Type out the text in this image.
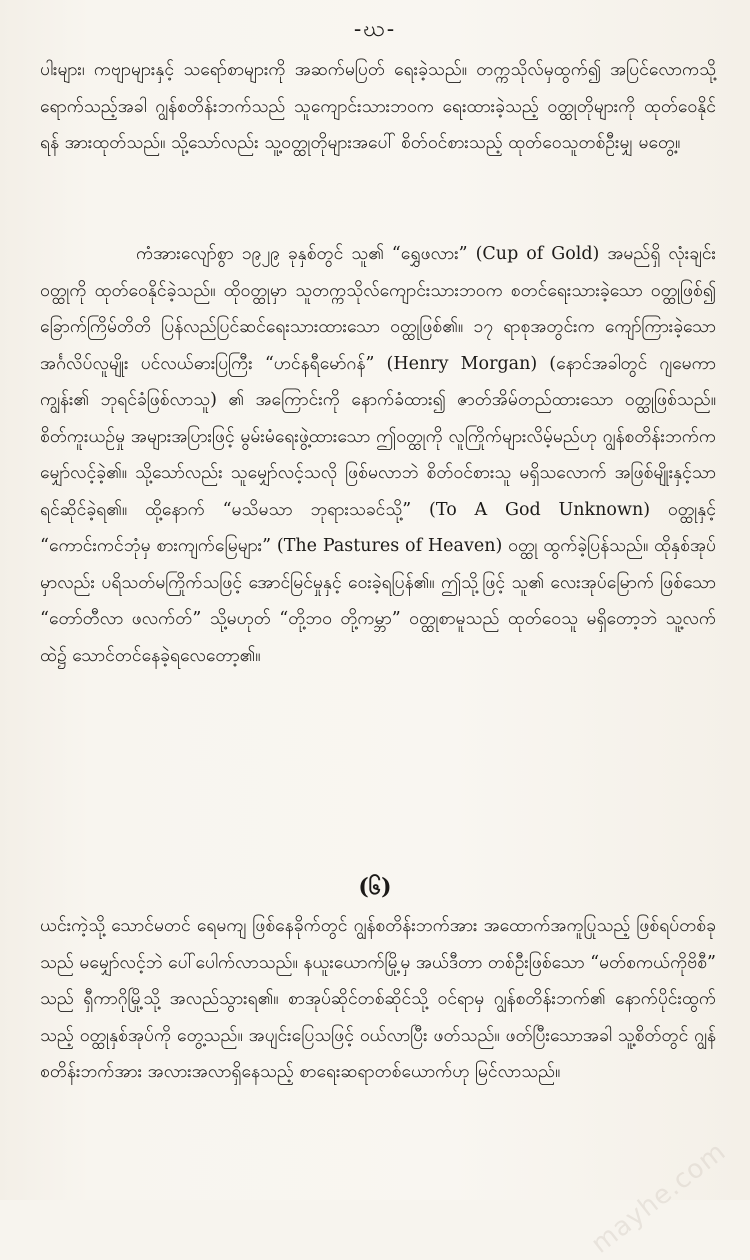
-ဃ-

ပါးများ၊ ကဗျာများနှင့် သရော်စာများကို အဆက်မပြတ် ရေးခဲ့သည်။ တက္ကသိုလ်မှထွက်၍ အပြင်လောကသို့ ရောက်သည့်အခါ ဂျွန်စတိန်းဘက်သည် သူကျောင်းသားဘဝက ရေးထားခဲ့သည့် ဝတ္ထုတိုများကို ထုတ်ဝေနိုင်ရန် အားထုတ်သည်။ သို့သော်လည်း သူ့ဝတ္ထုတိုများအပေါ် စိတ်ဝင်စားသည့် ထုတ်ဝေသူတစ်ဦးမျှ မတွေ့။

ကံအားလျော်စွာ ၁၉၂၉ ခုနှစ်တွင် သူ၏ “ရွှေဖလား” (Cup of Gold) အမည်ရှိ လုံးချင်းဝတ္ထုကို ထုတ်ဝေနိုင်ခဲ့သည်။ ထိုဝတ္ထုမှာ သူတက္ကသိုလ်ကျောင်းသားဘဝက စတင်ရေးသားခဲ့သော ဝတ္ထုဖြစ်၍ ခြောက်ကြိမ်တိတိ ပြန်လည်ပြင်ဆင်ရေးသားထားသော ဝတ္ထုဖြစ်၏။ ၁၇ ရာစုအတွင်းက ကျော်ကြားခဲ့သော အင်္ဂလိပ်လူမျိုး ပင်လယ်ဓားပြကြီး “ဟင်နရီမော်ဂန်” (Henry Morgan) (နောင်အခါတွင် ဂျမေကာကျွန်း၏ ဘုရင်ခံဖြစ်လာသူ) ၏ အကြောင်းကို နောက်ခံထား၍ ဇာတ်အိမ်တည်ထားသော ဝတ္ထုဖြစ်သည်။ စိတ်ကူးယဉ်မှု အများအပြားဖြင့် မွမ်းမံရေးဖွဲ့ထားသော ဤဝတ္ထုကို လူကြိုက်များလိမ့်မည်ဟု ဂျွန်စတိန်းဘက်က မျှော်လင့်ခဲ့၏။ သို့သော်လည်း သူမျှော်လင့်သလို ဖြစ်မလာဘဲ စိတ်ဝင်စားသူ မရှိသလောက် အဖြစ်မျိုးနှင့်သာ ရင်ဆိုင်ခဲ့ရ၏။ ထို့နောက် “မသိမသာ ဘုရားသခင်သို့” (To A God Unknown) ဝတ္ထုနှင့် “ကောင်းကင်ဘုံမှ စားကျက်မြေများ” (The Pastures of Heaven) ဝတ္ထု ထွက်ခဲ့ပြန်သည်။ ထိုနှစ်အုပ်မှာလည်း ပရိသတ်မကြိုက်သဖြင့် အောင်မြင်မှုနှင့် ဝေးခဲ့ရပြန်၏။ ဤသို့ဖြင့် သူ၏ လေးအုပ်မြောက် ဖြစ်သော “တော်တီလာ ဖလက်တ်” သို့မဟုတ် “တို့ဘဝ တို့ကမ္ဘာ” ဝတ္ထုစာမူသည် ထုတ်ဝေသူ မရှိတော့ဘဲ သူ့လက်ထဲ၌ သောင်တင်နေခဲ့ရလေတော့၏။

(၆)

ယင်းကဲ့သို့ သောင်မတင် ရေမကျ ဖြစ်နေခိုက်တွင် ဂျွန်စတိန်းဘက်အား အထောက်အကူပြုသည့် ဖြစ်ရပ်တစ်ခုသည် မမျှော်လင့်ဘဲ ပေါ်ပေါက်လာသည်။ နယူးယောက်မြို့မှ အယ်ဒီတာ တစ်ဦးဖြစ်သော “မတ်စကယ်ကိုဗိစီ” သည် ရှီကာဂိုမြို့သို့ အလည်သွားရ၏။ စာအုပ်ဆိုင်တစ်ဆိုင်သို့ ဝင်ရာမှ ဂျွန်စတိန်းဘက်၏ နောက်ပိုင်းထွက်သည့် ဝတ္ထုနှစ်အုပ်ကို တွေ့သည်။ အပျင်းပြေသဖြင့် ဝယ်လာပြီး ဖတ်သည်။ ဖတ်ပြီးသောအခါ သူ့စိတ်တွင် ဂျွန်စတိန်းဘက်အား အလားအလာရှိနေသည့် စာရေးဆရာတစ်ယောက်ဟု မြင်လာသည်။

mayhe.com
